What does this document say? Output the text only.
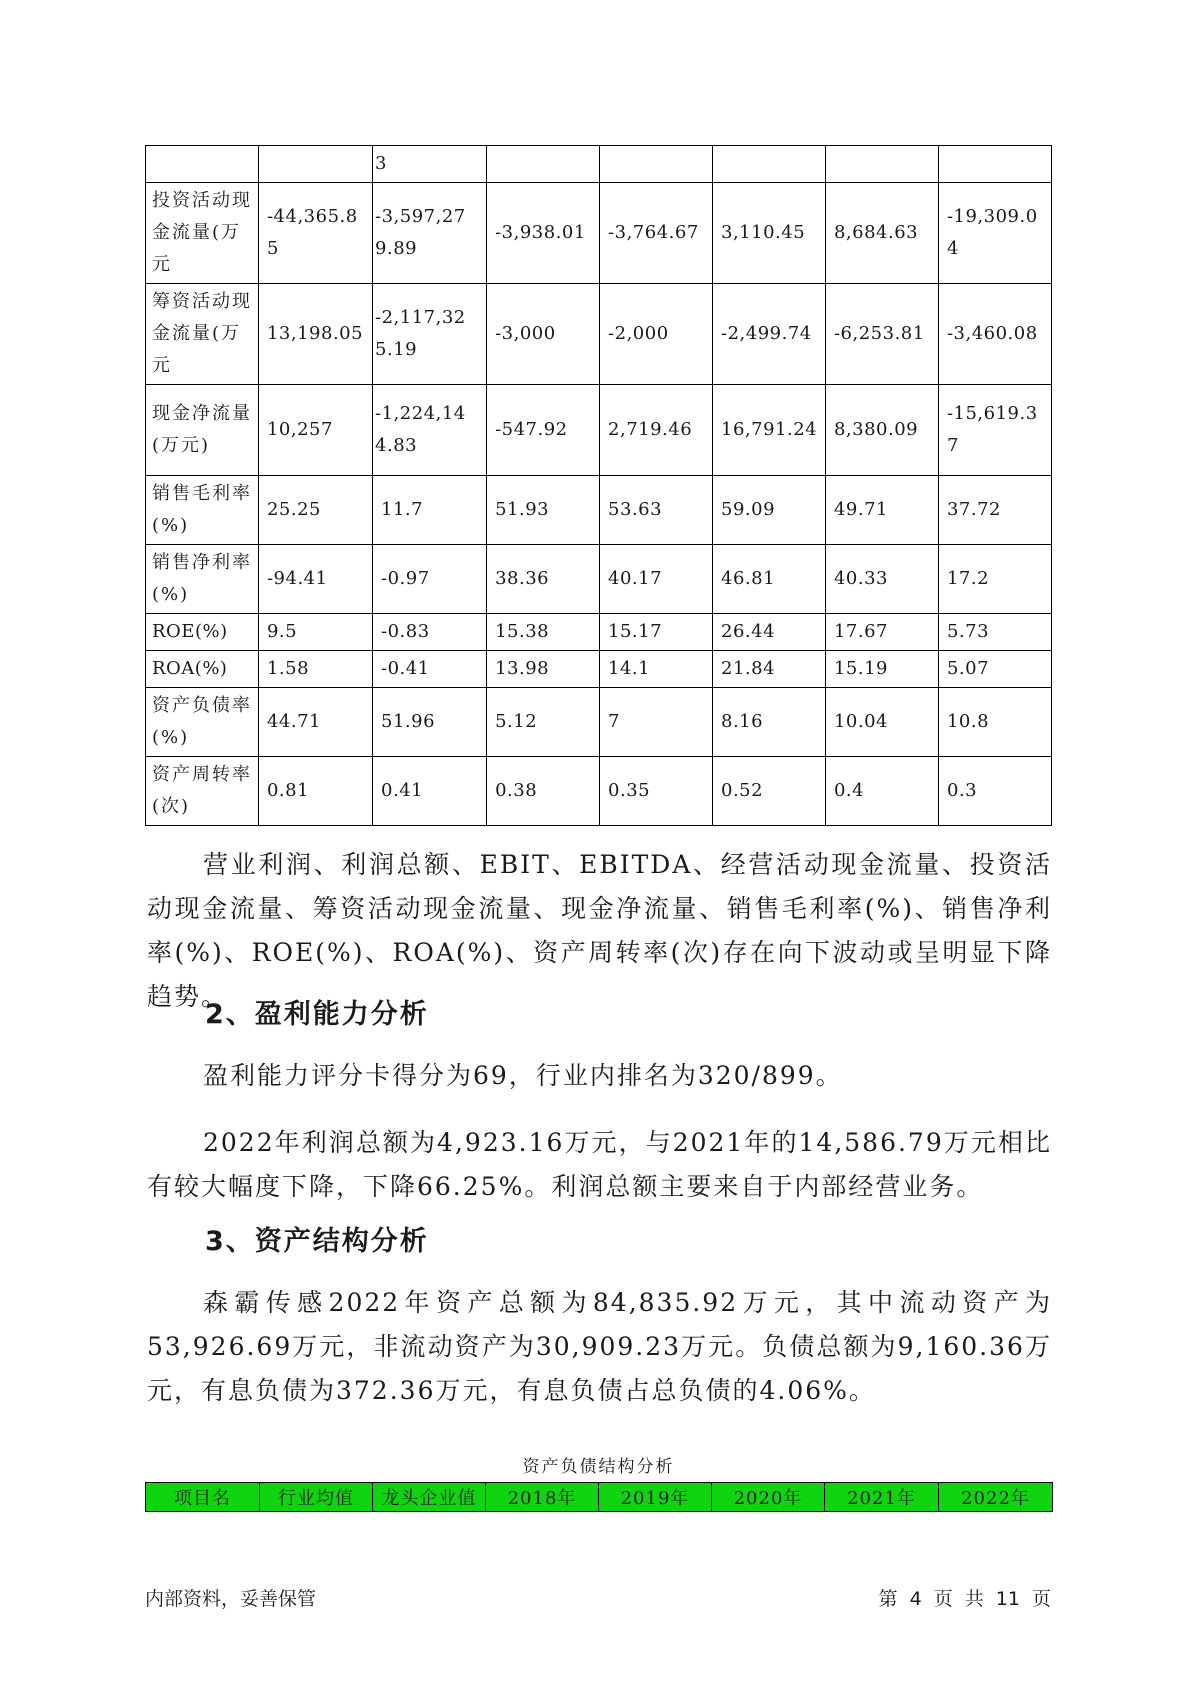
		3					
投资活动现金流量(万元	-44,365.85	-3,597,279.89	-3,938.01	-3,764.67	3,110.45	8,684.63	-19,309.04
筹资活动现金流量(万元	13,198.05	-2,117,325.19	-3,000	-2,000	-2,499.74	-6,253.81	-3,460.08
现金净流量(万元)	10,257	-1,224,144.83	-547.92	2,719.46	16,791.24	8,380.09	-15,619.37
销售毛利率(%)	25.25	11.7	51.93	53.63	59.09	49.71	37.72
销售净利率(%)	-94.41	-0.97	38.36	40.17	46.81	40.33	17.2
ROE(%)	9.5	-0.83	15.38	15.17	26.44	17.67	5.73
ROA(%)	1.58	-0.41	13.98	14.1	21.84	15.19	5.07
资产负债率(%)	44.71	51.96	5.12	7	8.16	10.04	10.8
资产周转率(次)	0.81	0.41	0.38	0.35	0.52	0.4	0.3

营业利润、利润总额、EBIT、EBITDA、经营活动现金流量、投资活动现金流量、筹资活动现金流量、现金净流量、销售毛利率(%)、销售净利率(%)、ROE(%)、ROA(%)、资产周转率(次)存在向下波动或呈明显下降趋势。

2、盈利能力分析

盈利能力评分卡得分为69，行业内排名为320/899。

2022年利润总额为4,923.16万元，与2021年的14,586.79万元相比有较大幅度下降，下降66.25%。利润总额主要来自于内部经营业务。

3、资产结构分析

森霸传感2022年资产总额为84,835.92万元，其中流动资产为53,926.69万元，非流动资产为30,909.23万元。负债总额为9,160.36万元，有息负债为372.36万元，有息负债占总负债的4.06%。

资产负债结构分析
项目名	行业均值	龙头企业值	2018年	2019年	2020年	2021年	2022年
内部资料，妥善保管	第 4 页 共 11 页
